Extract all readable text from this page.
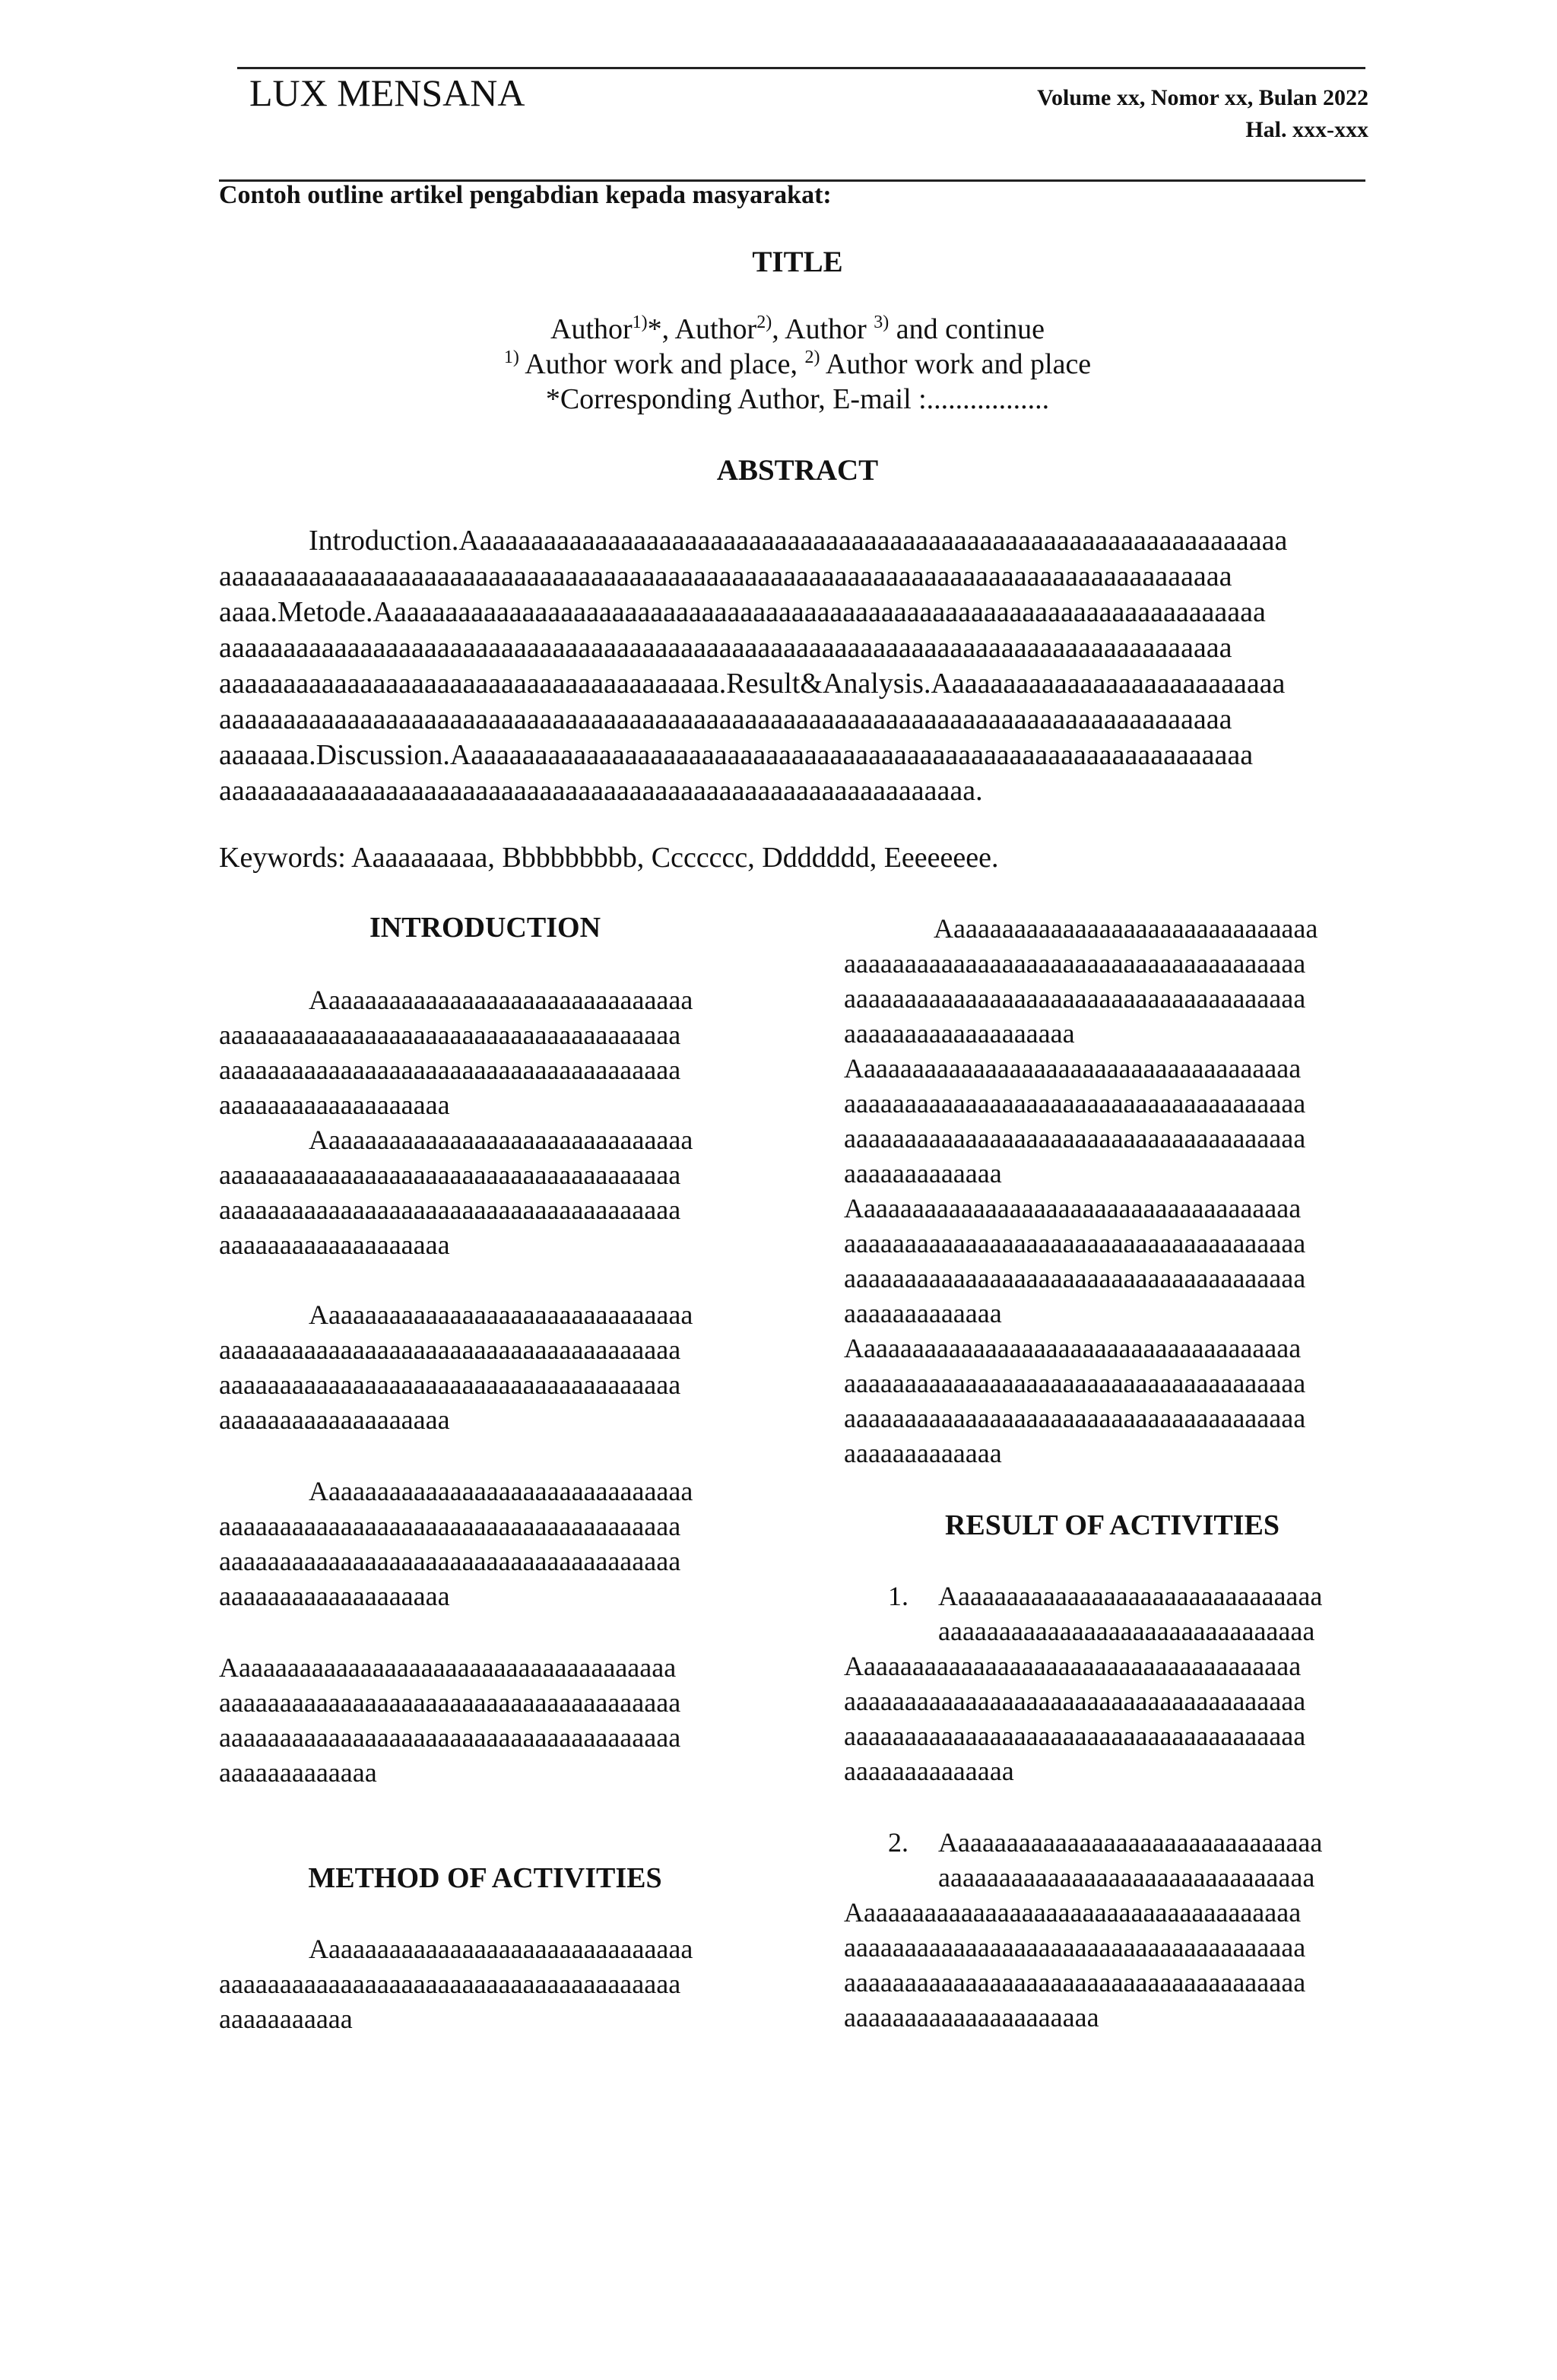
LUX MENSANA	Volume xx, Nomor xx, Bulan 2022
Hal. xxx-xxx
Contoh outline artikel pengabdian kepada masyarakat:
TITLE
Author$^{1)}$*, Author$^{2)}$, Author $^{3)}$ and continue
$^{1)}$ Author work and place, $^{2)}$ Author work and place
*Corresponding Author, E-mail :.................
ABSTRACT
Introduction.Aaaaaaaaaaaaaaaaaaaaaaaaaaaaaaaaaaaaaaaaaaaaaaaaaaaaaaaaaaaaaaaa
aaaaaaaaaaaaaaaaaaaaaaaaaaaaaaaaaaaaaaaaaaaaaaaaaaaaaaaaaaaaaaaaaaaaaaaaaaaaaaa
aaaa.Metode.Aaaaaaaaaaaaaaaaaaaaaaaaaaaaaaaaaaaaaaaaaaaaaaaaaaaaaaaaaaaaaaaaaaaaa
aaaaaaaaaaaaaaaaaaaaaaaaaaaaaaaaaaaaaaaaaaaaaaaaaaaaaaaaaaaaaaaaaaaaaaaaaaaaaaa
aaaaaaaaaaaaaaaaaaaaaaaaaaaaaaaaaaaaaaa.Result&Analysis.Aaaaaaaaaaaaaaaaaaaaaaaaaaa
aaaaaaaaaaaaaaaaaaaaaaaaaaaaaaaaaaaaaaaaaaaaaaaaaaaaaaaaaaaaaaaaaaaaaaaaaaaaaaa
aaaaaaa.Discussion.Aaaaaaaaaaaaaaaaaaaaaaaaaaaaaaaaaaaaaaaaaaaaaaaaaaaaaaaaaaaaaa
aaaaaaaaaaaaaaaaaaaaaaaaaaaaaaaaaaaaaaaaaaaaaaaaaaaaaaaaaaa.
Keywords: Aaaaaaaaaa, Bbbbbbbbb, Ccccccc, Ddddddd, Eeeeeeee.
INTRODUCTION
Aaaaaaaaaaaaaaaaaaaaaaaaaaaaaaa
aaaaaaaaaaaaaaaaaaaaaaaaaaaaaaaaaaaaaa
aaaaaaaaaaaaaaaaaaaaaaaaaaaaaaaaaaaaaa
aaaaaaaaaaaaaaaaaaa
Aaaaaaaaaaaaaaaaaaaaaaaaaaaaaaa
aaaaaaaaaaaaaaaaaaaaaaaaaaaaaaaaaaaaaa
aaaaaaaaaaaaaaaaaaaaaaaaaaaaaaaaaaaaaa
aaaaaaaaaaaaaaaaaaa
Aaaaaaaaaaaaaaaaaaaaaaaaaaaaaaa
aaaaaaaaaaaaaaaaaaaaaaaaaaaaaaaaaaaaaa
aaaaaaaaaaaaaaaaaaaaaaaaaaaaaaaaaaaaaa
aaaaaaaaaaaaaaaaaaa
Aaaaaaaaaaaaaaaaaaaaaaaaaaaaaaa
aaaaaaaaaaaaaaaaaaaaaaaaaaaaaaaaaaaaaa
aaaaaaaaaaaaaaaaaaaaaaaaaaaaaaaaaaaaaa
aaaaaaaaaaaaaaaaaaa
Aaaaaaaaaaaaaaaaaaaaaaaaaaaaaaaaaaaaa
aaaaaaaaaaaaaaaaaaaaaaaaaaaaaaaaaaaaaa
aaaaaaaaaaaaaaaaaaaaaaaaaaaaaaaaaaaaaa
aaaaaaaaaaaaa
METHOD OF ACTIVITIES
Aaaaaaaaaaaaaaaaaaaaaaaaaaaaaaa
aaaaaaaaaaaaaaaaaaaaaaaaaaaaaaaaaaaaaa
aaaaaaaaaaa
Aaaaaaaaaaaaaaaaaaaaaaaaaaaaaaa
aaaaaaaaaaaaaaaaaaaaaaaaaaaaaaaaaaaaaa
aaaaaaaaaaaaaaaaaaaaaaaaaaaaaaaaaaaaaa
aaaaaaaaaaaaaaaaaaa
Aaaaaaaaaaaaaaaaaaaaaaaaaaaaaaaaaaaaa
aaaaaaaaaaaaaaaaaaaaaaaaaaaaaaaaaaaaaa
aaaaaaaaaaaaaaaaaaaaaaaaaaaaaaaaaaaaaa
aaaaaaaaaaaaa
Aaaaaaaaaaaaaaaaaaaaaaaaaaaaaaaaaaaaa
aaaaaaaaaaaaaaaaaaaaaaaaaaaaaaaaaaaaaa
aaaaaaaaaaaaaaaaaaaaaaaaaaaaaaaaaaaaaa
aaaaaaaaaaaaa
Aaaaaaaaaaaaaaaaaaaaaaaaaaaaaaaaaaaaa
aaaaaaaaaaaaaaaaaaaaaaaaaaaaaaaaaaaaaa
aaaaaaaaaaaaaaaaaaaaaaaaaaaaaaaaaaaaaa
aaaaaaaaaaaaa
RESULT OF ACTIVITIES
1. Aaaaaaaaaaaaaaaaaaaaaaaaaaaaaaa
aaaaaaaaaaaaaaaaaaaaaaaaaaaaaaa
Aaaaaaaaaaaaaaaaaaaaaaaaaaaaaaaaaaaaa
aaaaaaaaaaaaaaaaaaaaaaaaaaaaaaaaaaaaaa
aaaaaaaaaaaaaaaaaaaaaaaaaaaaaaaaaaaaaa
aaaaaaaaaaaaaa
2. Aaaaaaaaaaaaaaaaaaaaaaaaaaaaaaa
aaaaaaaaaaaaaaaaaaaaaaaaaaaaaaa
Aaaaaaaaaaaaaaaaaaaaaaaaaaaaaaaaaaaaa
aaaaaaaaaaaaaaaaaaaaaaaaaaaaaaaaaaaaaa
aaaaaaaaaaaaaaaaaaaaaaaaaaaaaaaaaaaaaa
aaaaaaaaaaaaaaaaaaaaa
